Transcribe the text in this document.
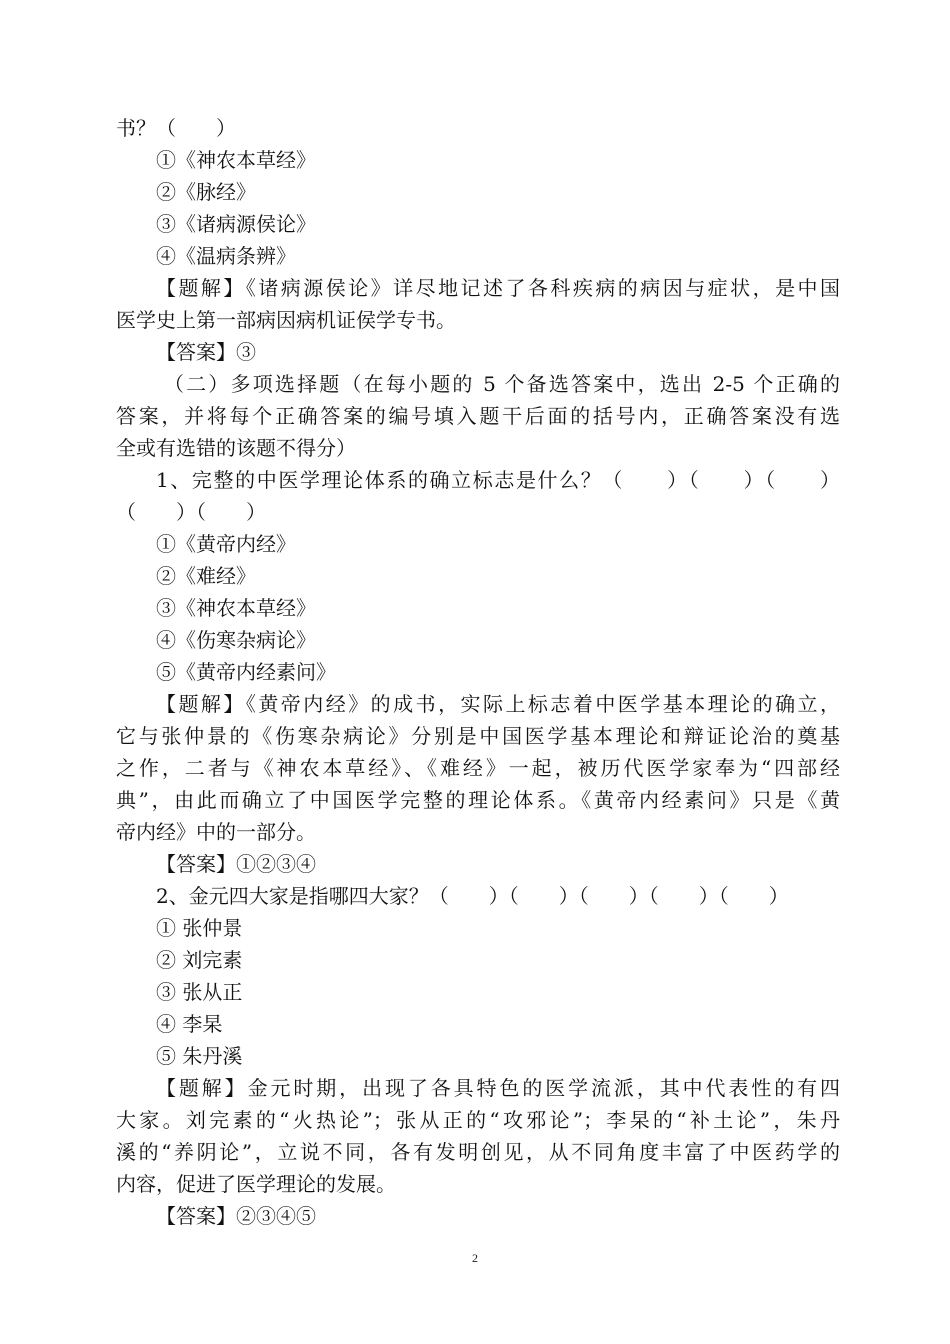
书？（　　）
①《神农本草经》
②《脉经》
③《诸病源侯论》
④《温病条辨》
【题解】《诸病源侯论》详尽地记述了各科疾病的病因与症状，是中国
医学史上第一部病因病机证侯学专书。
【答案】③
（二）多项选择题（在每小题的 5 个备选答案中，选出 2-5 个正确的
答案，并将每个正确答案的编号填入题干后面的括号内，正确答案没有选
全或有选错的该题不得分）
1、完整的中医学理论体系的确立标志是什么？（　　）（　　）（　　）
（　　）（　　）
①《黄帝内经》
②《难经》
③《神农本草经》
④《伤寒杂病论》
⑤《黄帝内经素问》
【题解】《黄帝内经》的成书，实际上标志着中医学基本理论的确立，
它与张仲景的《伤寒杂病论》分别是中国医学基本理论和辩证论治的奠基
之作，二者与《神农本草经》、《难经》一起，被历代医学家奉为“四部经
典”，由此而确立了中国医学完整的理论体系。《黄帝内经素问》只是《黄
帝内经》中的一部分。
【答案】①②③④
2、金元四大家是指哪四大家？（　　）（　　）（　　）（　　）（　　）
① 张仲景
② 刘完素
③ 张从正
④ 李杲
⑤ 朱丹溪
【题解】金元时期，出现了各具特色的医学流派，其中代表性的有四
大家。刘完素的“火热论”；张从正的“攻邪论”；李杲的“补土论”，朱丹
溪的“养阴论”，立说不同，各有发明创见，从不同角度丰富了中医药学的
内容，促进了医学理论的发展。
【答案】②③④⑤
2
